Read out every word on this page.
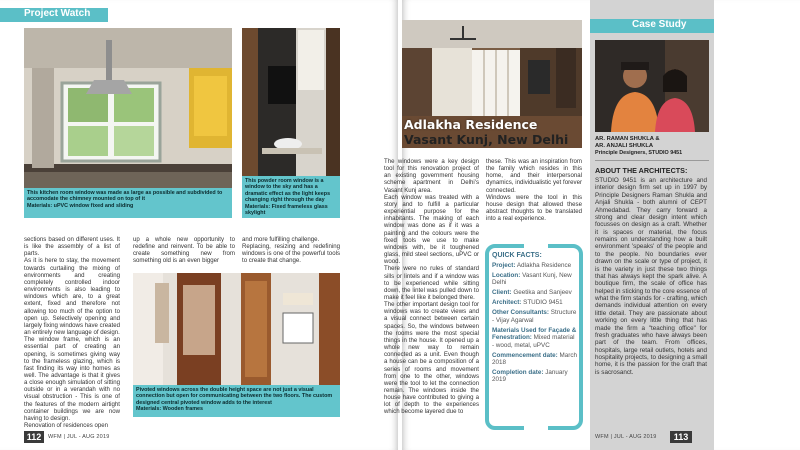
Project Watch
This kitchen room window was made as large as possible and subdivided to accomodate the chimney mounted on top of it
Materials: uPVC window fixed and sliding
This powder room window is a window to the sky and has a dramatic effect as the light keeps changing right through the day
Materials: Fixed frameless glass skylight
sections based on different uses. It is like the assembly of a list of parts.
As it is here to stay, the movement towards curtailing the mixing of environments and creating completely controlled indoor environments is also leading to windows which are, to a great extent, fixed and therefore not allowing too much of the option to open up. Selectively opening and largely fixing windows have created an entirely new language of design.
The window frame, which is an essential part of creating an opening, is sometimes giving way to the frameless glazing, which is fast finding its way into homes as well. The advantage is that it gives a close enough simulation of sitting outside or in a verandah with no visual obstruction - This is one of the features of the modern airtight container buildings we are now having to design.
Renovation of residences open
up a whole new opportunity to redefine and reinvent. To be able to create something new from something old is an even bigger
and more fulfilling challenge.
Replacing, resizing and redefining windows is one of the powerful tools to create that change.
Pivoted windows across the double height space are not just a visual connection but open for communicating between the two floors. The custom designed central pivoted window adds to the interest
Materials: Wooden frames
112	WFM | JUL - AUG 2019
Adlakha Residence
Vasant Kunj, New Delhi
The windows were a key design tool for this renovation project of an existing government housing scheme apartment in Delhi's Vasant Kunj area.
Each window was treated with a story and to fulfill a particular experiential purpose for the inhabitants. The making of each window was done as if it was a painting and the colours were the fixed tools we use to make windows with, be it toughened glass, mild steel sections, uPVC or wood.
There were no rules of standard sills or lintels and if a window was to be experienced while sitting down, the lintel was pulled down to make it feel like it belonged there.
The other important design tool for windows was to create views and a visual connect between certain spaces. So, the windows between the rooms were the most special things in the house. It opened up a whole new way to remain connected as a unit. Even though a house can be a composition of a series of rooms and movement from one to the other, windows were the tool to let the connection remain. The windows inside the house have contributed to giving a lot of depth to the experiences which become layered due to
these. This was an inspiration from the family which resides in this home, and their interpersonal dynamics, individualistic yet forever connected.
Windows were the tool in this house design that allowed these abstract thoughts to be translated into a real experience.
QUICK FACTS:
Project: Adlakha Residence
Location: Vasant Kunj, New Delhi
Client: Geetika and Sanjeev
Architect: STUDIO 9451
Other Consultants: Structure - Vijay Agarwal
Materials Used for Façade & Fenestration: Mixed material - wood, metal, uPVC
Commencement date: March 2018
Completion date: January 2019
Case Study
AR. RAMAN SHUKLA &
AR. ANJALI SHUKLA
Principle Designers, STUDIO 9451
ABOUT THE ARCHITECTS:
STUDIO 9451 is an architecture and interior design firm set up in 1997 by Principle Designers Raman Shukla and Anjali Shukla - both alumni of CEPT Ahmedabad. They carry forward a strong and clear design intent which focusses on design as a craft. Whether it is spaces or material, the focus remains on understanding how a built environment 'speaks' of the people and to the people. No boundaries ever drawn on the scale or type of project, it is the variety in just these two things that has always kept the spark alive. A boutique firm, the scale of office has helped in sticking to the core essence of what the firm stands for - crafting, which demands individual attention on every little detail. They are passionate about working on every little thing that has made the firm a "teaching office" for fresh graduates who have always been part of the team. From offices, hospitals, large retail outlets, hotels and hospitality projects, to designing a small home, it is the passion for the craft that is sacrosanct.
WFM | JUL - AUG 2019	113
